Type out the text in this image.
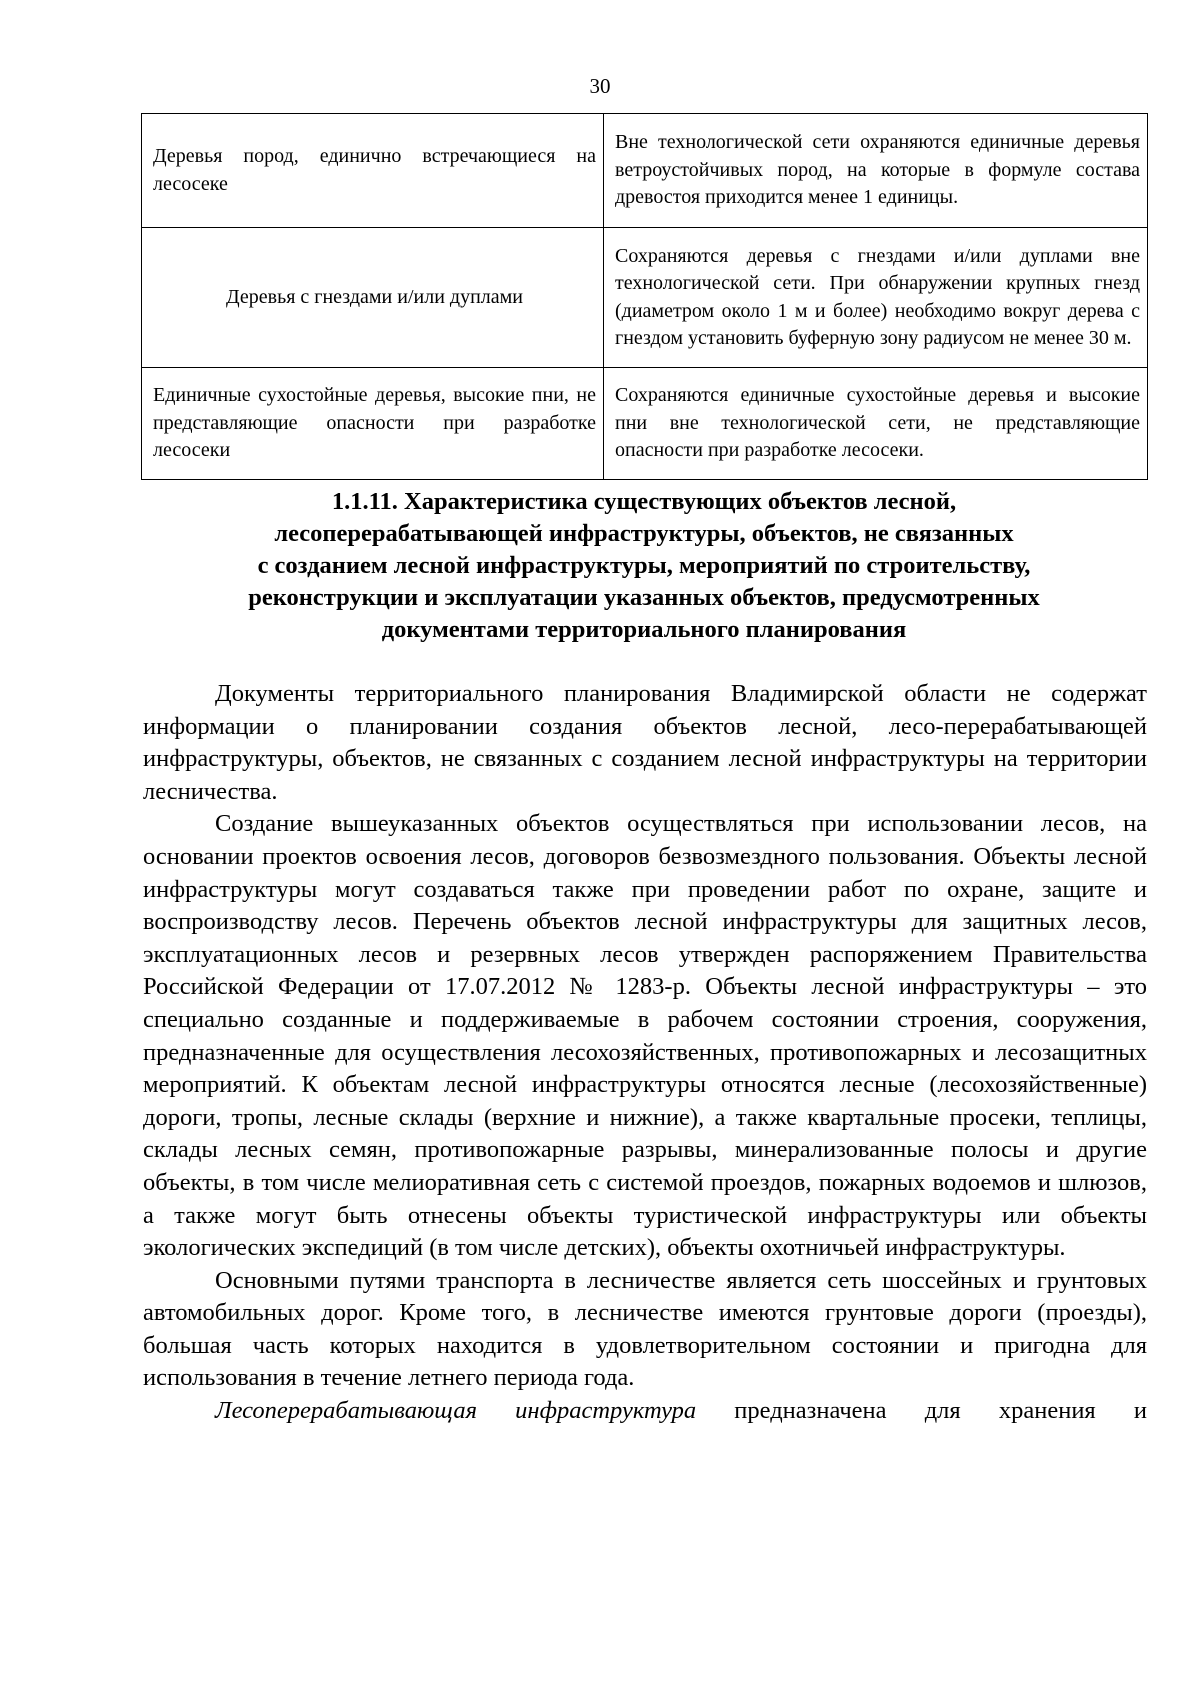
30
Деревья пород, единично встречающиеся на лесосеке	Вне технологической сети охраняются единичные деревья ветроустойчивых пород, на которые в формуле состава древостоя приходится менее 1 единицы.
Деревья с гнездами и/или дуплами	Сохраняются деревья с гнездами и/или дуплами вне технологической сети. При обнаружении крупных гнезд (диаметром около 1 м и более) необходимо вокруг дерева с гнездом установить буферную зону радиусом не менее 30 м.
Единичные сухостойные деревья, высокие пни, не представляющие опасности при разработке лесосеки	Сохраняются единичные сухостойные деревья и высокие пни вне технологической сети, не представляющие опасности при разработке лесосеки.
1.1.11. Характеристика существующих объектов лесной,
лесоперерабатывающей инфраструктуры, объектов, не связанных
с созданием лесной инфраструктуры, мероприятий по строительству,
реконструкции и эксплуатации указанных объектов, предусмотренных
документами территориального планирования

Документы территориального планирования Владимирской области не содержат информации о планировании создания объектов лесной, лесо-перерабатывающей инфраструктуры, объектов, не связанных с созданием лесной инфраструктуры на территории лесничества.

Создание вышеуказанных объектов осуществляться при использовании лесов, на основании проектов освоения лесов, договоров безвозмездного пользования. Объекты лесной инфраструктуры могут создаваться также при проведении работ по охране, защите и воспроизводству лесов. Перечень объектов лесной инфраструктуры для защитных лесов, эксплуатационных лесов и резервных лесов утвержден распоряжением Правительства Российской Федерации от 17.07.2012 № 1283-р. Объекты лесной инфраструктуры – это специально созданные и поддерживаемые в рабочем состоянии строения, сооружения, предназначенные для осуществления лесохозяйственных, противопожарных и лесозащитных мероприятий. К объектам лесной инфраструктуры относятся лесные (лесохозяйственные) дороги, тропы, лесные склады (верхние и нижние), а также квартальные просеки, теплицы, склады лесных семян, противопожарные разрывы, минерализованные полосы и другие объекты, в том числе мелиоративная сеть с системой проездов, пожарных водоемов и шлюзов, а также могут быть отнесены объекты туристической инфраструктуры или объекты экологических экспедиций (в том числе детских), объекты охотничьей инфраструктуры.

Основными путями транспорта в лесничестве является сеть шоссейных и грунтовых автомобильных дорог. Кроме того, в лесничестве имеются грунтовые дороги (проезды), большая часть которых находится в удовлетворительном состоянии и пригодна для использования в течение летнего периода года.

Лесоперерабатывающая инфраструктура предназначена для хранения и
